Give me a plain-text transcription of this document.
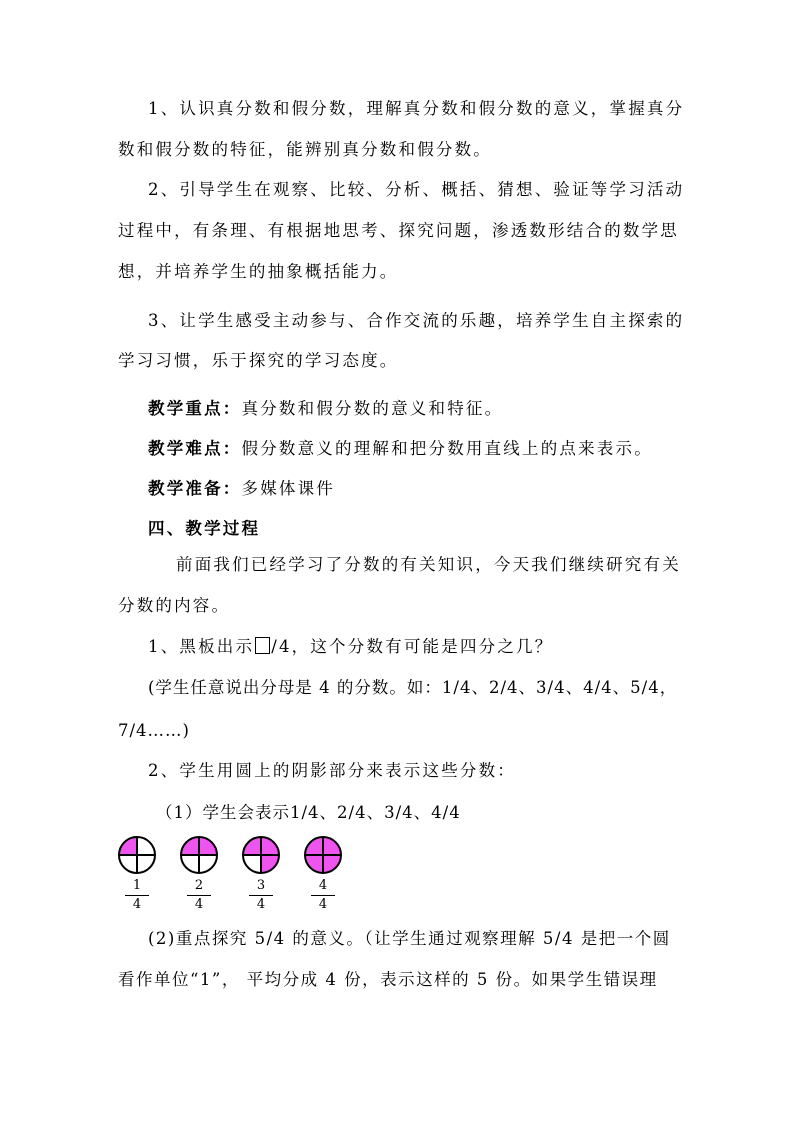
1、认识真分数和假分数，理解真分数和假分数的意义，掌握真分
数和假分数的特征，能辨别真分数和假分数。
2、引导学生在观察、比较、分析、概括、猜想、验证等学习活动
过程中，有条理、有根据地思考、探究问题，渗透数形结合的数学思
想，并培养学生的抽象概括能力。
3、让学生感受主动参与、合作交流的乐趣，培养学生自主探索的
学习习惯，乐于探究的学习态度。
教学重点：真分数和假分数的意义和特征。
教学难点：假分数意义的理解和把分数用直线上的点来表示。
教学准备：多媒体课件
四、教学过程
前面我们已经学习了分数的有关知识，今天我们继续研究有关
分数的内容。
1、黑板出示 /4，这个分数有可能是四分之几？
(学生任意说出分母是 4 的分数。如：1/4、2/4、3/4、4/4、5/4，
7/4……)
2、学生用圆上的阴影部分来表示这些分数：
（1）学生会表示1/4、2/4、3/4、4/4
$\frac{1}{4}$	$\frac{2}{4}$	$\frac{3}{4}$	$\frac{4}{4}$
(2)重点探究 5/4 的意义。（让学生通过观察理解 5/4 是把一个圆
看作单位“1”， 平均分成 4 份，表示这样的 5 份。如果学生错误理
